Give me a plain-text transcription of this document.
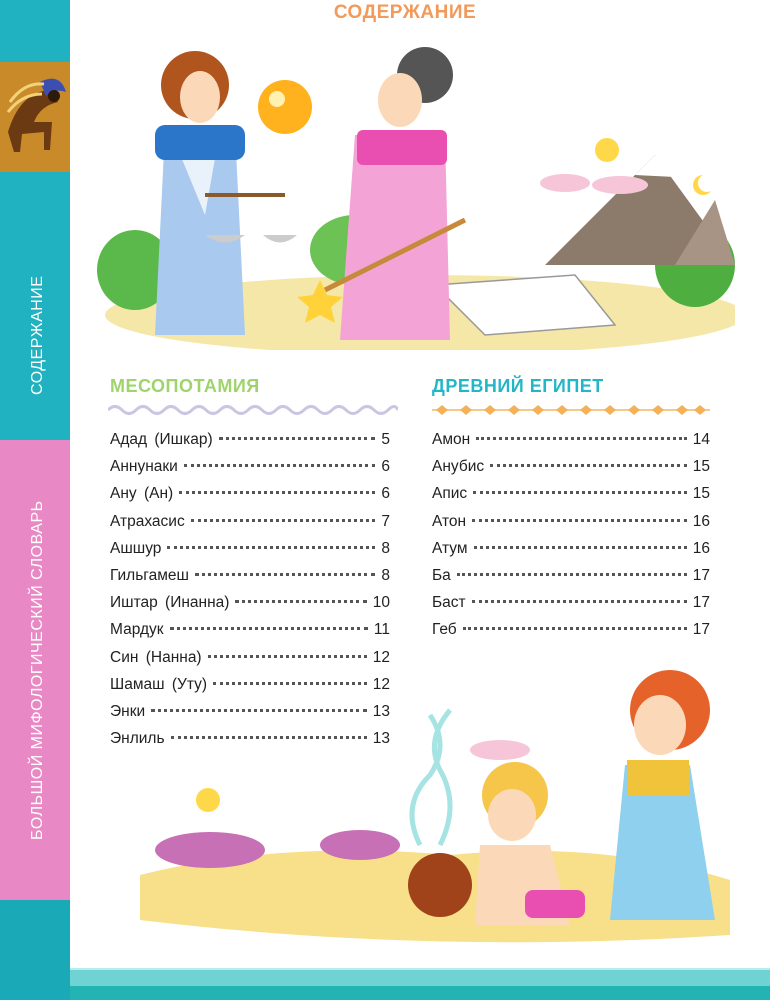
СОДЕРЖАНИЕ
БОЛЬШОЙ МИФОЛОГИЧЕСКИЙ СЛОВАРЬ
СОДЕРЖАНИЕ
МЕСОПОТАМИЯ	ДРЕВНИЙ ЕГИПЕТ
Адад (Ишкар)	5
Аннунаки	6
Ану (Ан)	6
Атрахасис	7
Ашшур	8
Гильгамеш	8
Иштар (Инанна)	10
Мардук	11
Син (Нанна)	12
Шамаш (Уту)	12
Энки	13
Энлиль	13
Амон	14
Анубис	15
Апис	15
Атон	16
Атум	16
Ба	17
Баст	17
Геб	17
